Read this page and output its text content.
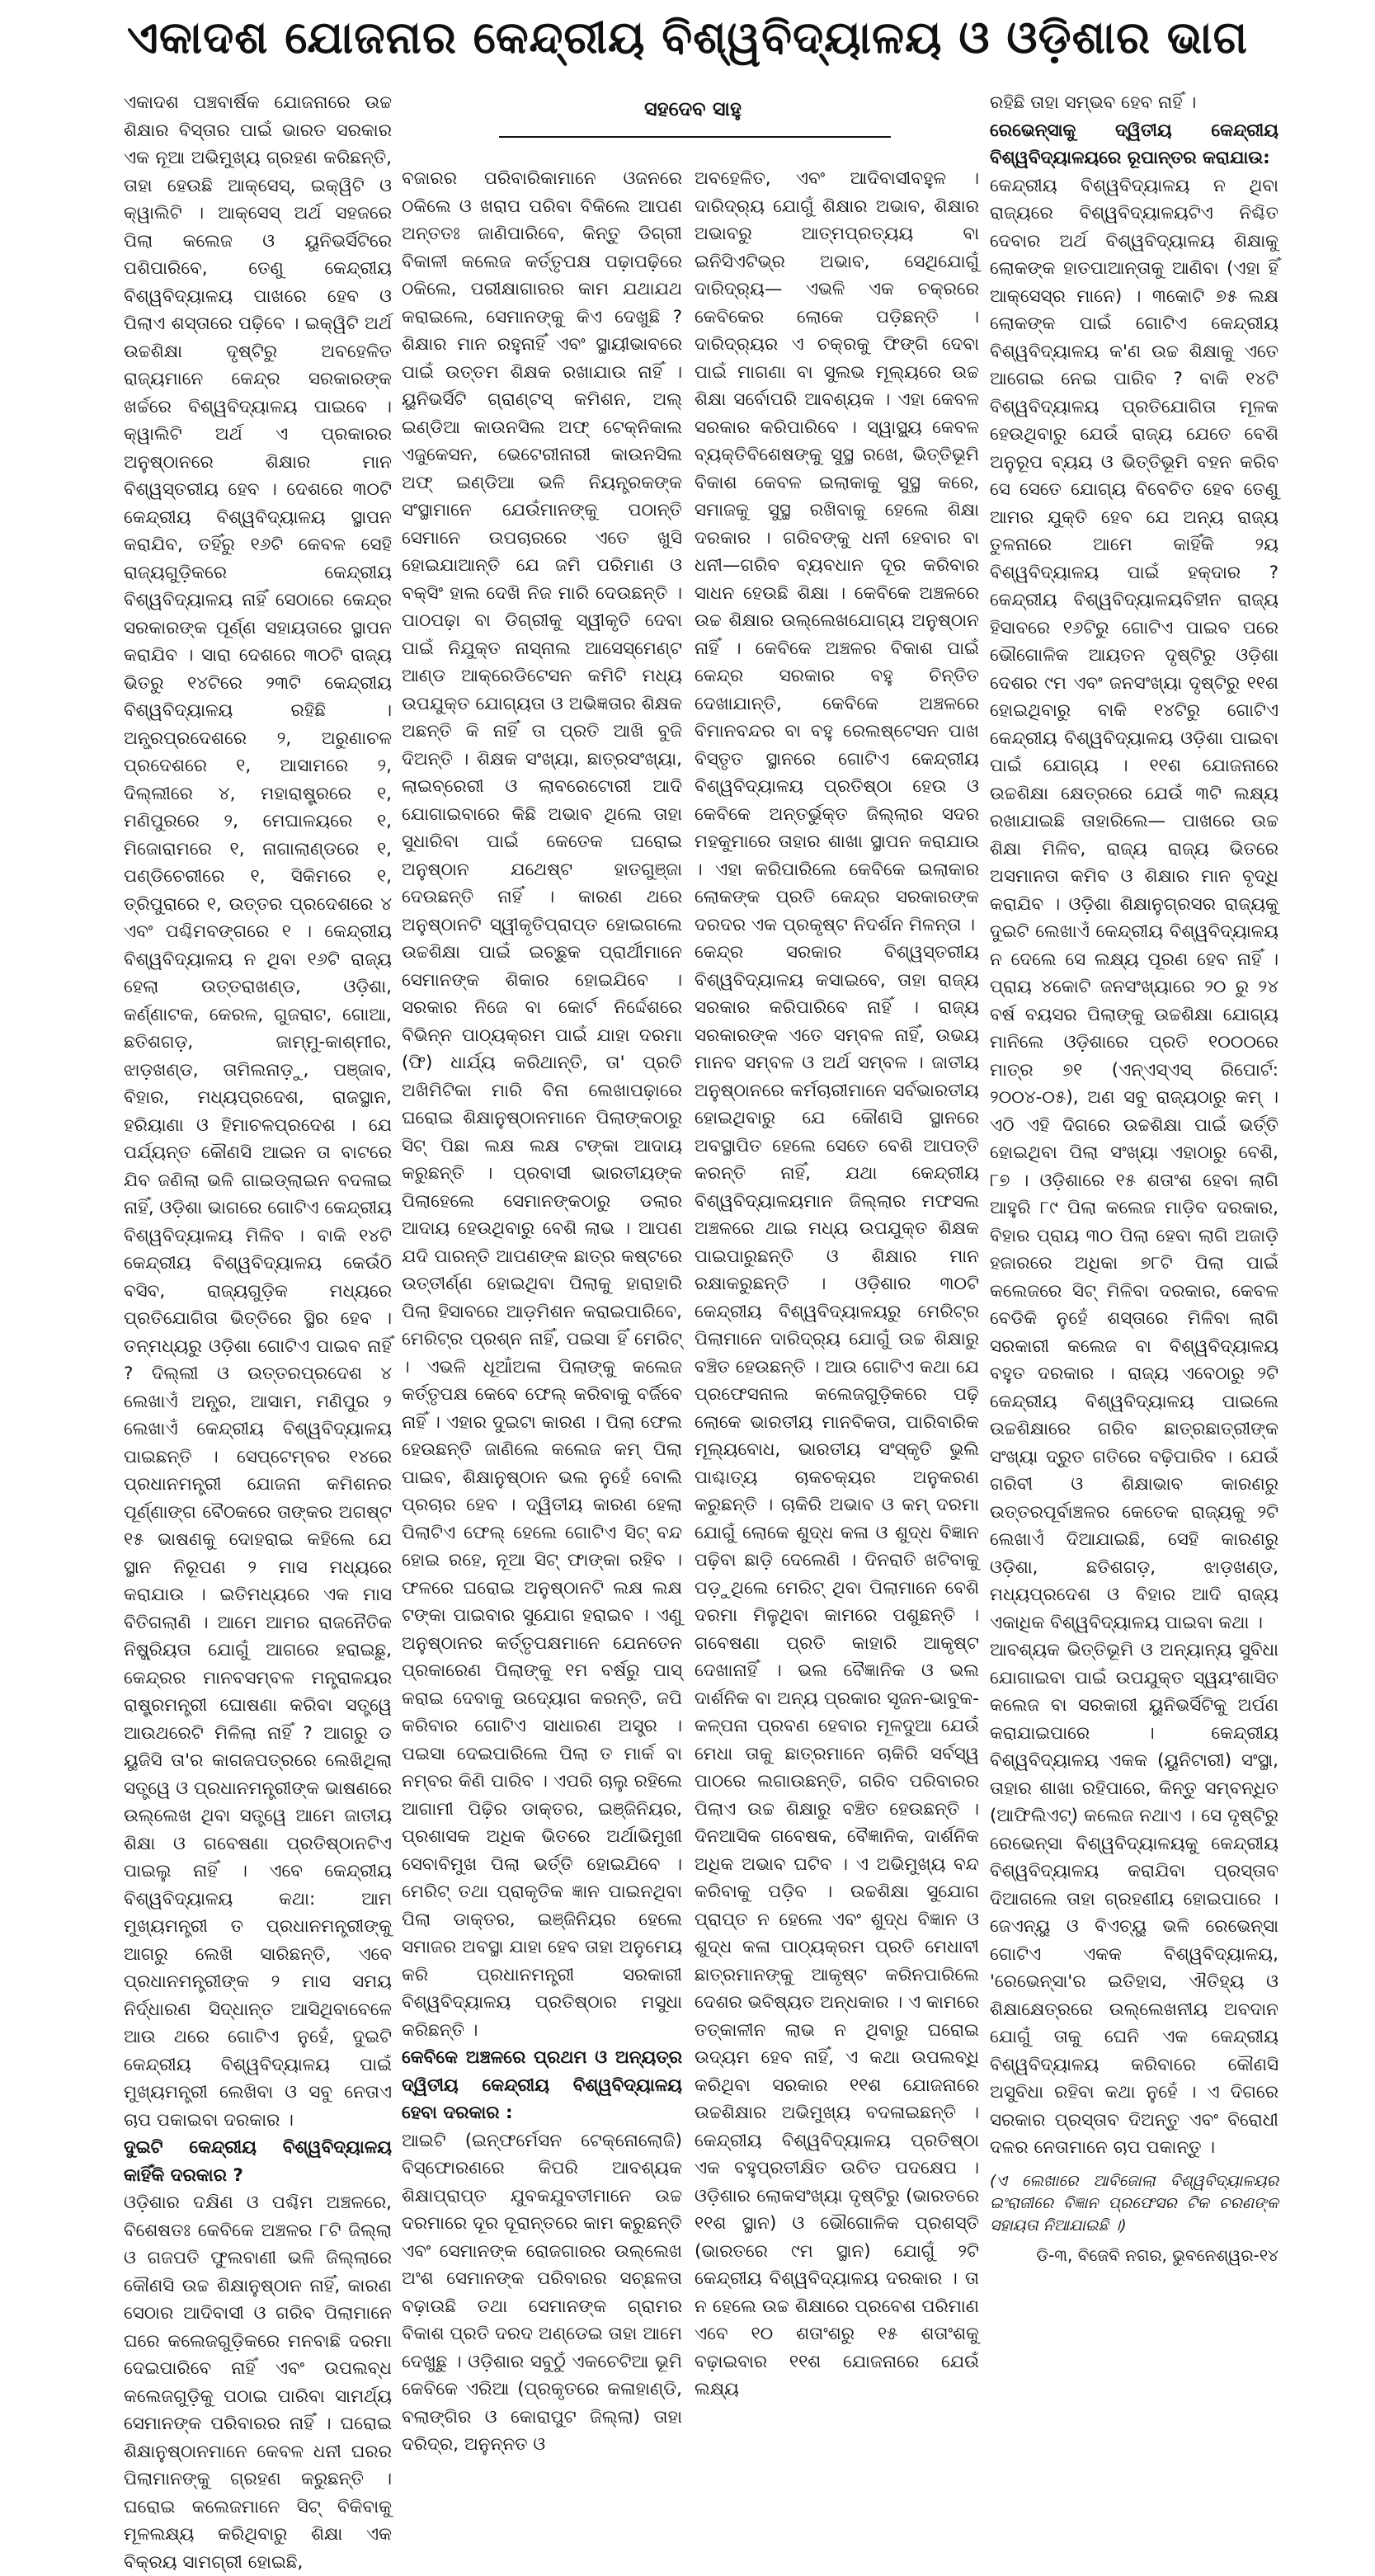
ଏକାଦଶ ଯୋଜନାର କେନ୍ଦ୍ରୀୟ ବିଶ୍ୱବିଦ୍ୟାଳୟ ଓ ଓଡ଼ିଶାର ଭାଗ

ଏକାଦଶ ପଞ୍ଚବାର୍ଷିକ ଯୋଜନାରେ ଉଚ୍ଚ ଶିକ୍ଷାର ବିସ୍ତାର ପାଇଁ ଭାରତ ସରକାର ଏକ ନୂଆ ଅଭିମୁଖ୍ୟ ଗ୍ରହଣ କରିଛନ୍ତି, ତାହା ହେଉଛି ଆକ୍ସେସ୍, ଇକ୍ୱିଟି ଓ କ୍ୱାଲିଟି । ଆକ୍ସେସ୍ ଅର୍ଥ ସହଜରେ ପିଲା କଲେଜ ଓ ୟୁନିଭର୍ସିଟିରେ ପଶିପାରିବେ, ତେଣୁ କେନ୍ଦ୍ରୀୟ ବିଶ୍ୱବିଦ୍ୟାଳୟ ପାଖରେ ହେବ ଓ ପିଲାଏ ଶସ୍ତାରେ ପଢ଼ିବେ । ଇକ୍ୱିଟି ଅର୍ଥ ଉଚ୍ଚଶିକ୍ଷା ଦୃଷ୍ଟିରୁ ଅବହେଳିତ ରାଜ୍ୟମାନେ କେନ୍ଦ୍ର ସରକାରଙ୍କ ଖର୍ଚ୍ଚରେ ବିଶ୍ୱବିଦ୍ୟାଳୟ ପାଇବେ । କ୍ୱାଲିଟି ଅର୍ଥ ଏ ପ୍ରକାରର ଅନୁଷ୍ଠାନରେ ଶିକ୍ଷାର ମାନ ବିଶ୍ୱସ୍ତରୀୟ ହେବ । ଦେଶରେ ୩୦ଟି କେନ୍ଦ୍ରୀୟ ବିଶ୍ୱବିଦ୍ୟାଳୟ ସ୍ଥାପନ କରାଯିବ, ତହିଁରୁ ୧୬ଟି କେବଳ ସେହି ରାଜ୍ୟଗୁଡ଼ିକରେ କେନ୍ଦ୍ରୀୟ ବିଶ୍ୱବିଦ୍ୟାଳୟ ନାହିଁ ସେଠାରେ କେନ୍ଦ୍ର ସରକାରଙ୍କ ପୂର୍ଣ୍ଣ ସହାୟତାରେ ସ୍ଥାପନ କରାଯିବ । ସାରା ଦେଶରେ ୩୦ଟି ରାଜ୍ୟ ଭିତରୁ ୧୪ଟିରେ ୨୩ଟି କେନ୍ଦ୍ରୀୟ ବିଶ୍ୱବିଦ୍ୟାଳୟ ରହିଛି । ଅନ୍ଧ୍ରପ୍ରଦେଶରେ ୨, ଅରୁଣାଚଳ ପ୍ରଦେଶରେ ୧, ଆସାମରେ ୨, ଦିଲ୍ଲୀରେ ୪, ମହାରାଷ୍ଟ୍ରରେ ୧, ମଣିପୁରରେ ୨, ମେଘାଳୟରେ ୧, ମିଜୋରାମରେ ୧, ନାଗାଲାଣ୍ଡରେ ୧, ପଣ୍ଡିଚେରୀରେ ୧, ସିକିମରେ ୧, ତ୍ରିପୁରାରେ ୧, ଉତ୍ତର ପ୍ରଦେଶରେ ୪ ଏବଂ ପଶ୍ଚିମବଙ୍ଗରେ ୧ । କେନ୍ଦ୍ରୀୟ ବିଶ୍ୱବିଦ୍ୟାଳୟ ନ ଥିବା ୧୬ଟି ରାଜ୍ୟ ହେଲା ଉତ୍ତରାଖଣ୍ଡ, ଓଡ଼ିଶା, କର୍ଣ୍ଣାଟକ, କେରଳ, ଗୁଜରାଟ, ଗୋଆ, ଛତିଶଗଡ଼, ଜାମ୍ମୁ-କାଶ୍ମୀର, ଝାଡ଼ଖଣ୍ଡ, ତାମିଲନାଡ଼ୁ, ପଞ୍ଜାବ, ବିହାର, ମଧ୍ୟପ୍ରଦେଶ, ରାଜସ୍ଥାନ, ହରିୟାଣା ଓ ହିମାଚଳପ୍ରଦେଶ । ଯେ ପର୍ଯ୍ୟନ୍ତ କୌଣସି ଆଇନ ତା ବାଟରେ ଯିବ ଜଣିଲା ଭଳି ଗାଇଡ୍‌ଲାଇନ ବଦଳାଇ ନାହିଁ, ଓଡ଼ିଶା ଭାଗରେ ଗୋଟିଏ କେନ୍ଦ୍ରୀୟ ବିଶ୍ୱବିଦ୍ୟାଳୟ ମିଳିବ । ବାକି ୧୪ଟି କେନ୍ଦ୍ରୀୟ ବିଶ୍ୱବିଦ୍ୟାଳୟ କେଉଁଠି ବସିବ, ରାଜ୍ୟଗୁଡ଼ିକ ମଧ୍ୟରେ ପ୍ରତିଯୋଗିତା ଭିତ୍ତିରେ ସ୍ଥିର ହେବ । ତନ୍ମଧ୍ୟରୁ ଓଡ଼ିଶା ଗୋଟିଏ ପାଇବ ନାହିଁ ? ଦିଲ୍ଲୀ ଓ ଉତ୍ତରପ୍ରଦେଶ ୪ ଲେଖାଏଁ ଅନ୍ଧ୍ର, ଆସାମ, ମଣିପୁର ୨ ଲେଖାଏଁ କେନ୍ଦ୍ରୀୟ ବିଶ୍ୱବିଦ୍ୟାଳୟ ପାଇଛନ୍ତି । ସେପ୍ଟେମ୍ବର ୧୪ରେ ପ୍ରଧାନମନ୍ତ୍ରୀ ଯୋଜନା କମିଶନର ପୂର୍ଣ୍ଣାଙ୍ଗ ବୈଠକରେ ତାଙ୍କର ଅଗଷ୍ଟ ୧୫ ଭାଷଣକୁ ଦୋହରାଇ କହିଲେ ଯେ ସ୍ଥାନ ନିରୂପଣ ୨ ମାସ ମଧ୍ୟରେ କରାଯାଉ । ଇତିମଧ୍ୟରେ ଏକ ମାସ ବିତିଗଲାଣି । ଆମେ ଆମର ରାଜନୈତିକ ନିଷ୍କ୍ରିୟତା ଯୋଗୁଁ ଆଗରେ ହରାଇଛୁ, କେନ୍ଦ୍ରର ମାନବସମ୍ବଳ ମନ୍ତ୍ରାଳୟର ରାଷ୍ଟ୍ରମନ୍ତ୍ରୀ ଘୋଷଣା କରିବା ସତ୍ତ୍ୱେ ଆଉଥରେଟି ମିଳିଲା ନାହିଁ ? ଆଗରୁ ଡ ୟୁଜିସି ତା'ର କାଗଜପତ୍ରରେ ଲେଖିଥିଲା ସତ୍ତ୍ୱେ ଓ ପ୍ରଧାନମନ୍ତ୍ରୀଙ୍କ ଭାଷଣରେ ଉଲ୍ଲେଖ ଥିବା ସତ୍ତ୍ୱେ ଆମେ ଜାତୀୟ ଶିକ୍ଷା ଓ ଗବେଷଣା ପ୍ରତିଷ୍ଠାନଟିଏ ପାଇଲୁ ନାହିଁ । ଏବେ କେନ୍ଦ୍ରୀୟ ବିଶ୍ୱବିଦ୍ୟାଳୟ କଥା: ଆମ ମୁଖ୍ୟମନ୍ତ୍ରୀ ତ ପ୍ରଧାନମନ୍ତ୍ରୀଙ୍କୁ ଆଗରୁ ଲେଖି ସାରିଛନ୍ତି, ଏବେ ପ୍ରଧାନମନ୍ତ୍ରୀଙ୍କ ୨ ମାସ ସମୟ ନିର୍ଦ୍ଧାରଣ ସିଦ୍ଧାନ୍ତ ଆସିଥିବାବେଳେ ଆଉ ଥରେ ଗୋଟିଏ ନୁହେଁ, ଦୁଇଟି କେନ୍ଦ୍ରୀୟ ବିଶ୍ୱବିଦ୍ୟାଳୟ ପାଇଁ ମୁଖ୍ୟମନ୍ତ୍ରୀ ଲେଖିବା ଓ ସବୁ ନେତାଏ ଚାପ ପକାଇବା ଦରକାର ।

ଦୁଇଟି କେନ୍ଦ୍ରୀୟ ବିଶ୍ୱବିଦ୍ୟାଳୟ କାହିଁକି ଦରକାର ?

ଓଡ଼ିଶାର ଦକ୍ଷିଣ ଓ ପଶ୍ଚିମ ଅଞ୍ଚଳରେ, ବିଶେଷତଃ କେବିକେ ଅଞ୍ଚଳର ୮ଟି ଜିଲ୍ଲା ଓ ଗଜପତି ଫୁଲବାଣୀ ଭଳି ଜିଲ୍ଲାରେ କୌଣସି ଉଚ୍ଚ ଶିକ୍ଷାନୁଷ୍ଠାନ ନାହିଁ, କାରଣ ସେଠାର ଆଦିବାସୀ ଓ ଗରିବ ପିଲାମାନେ ଘରେ କଲେଜଗୁଡ଼ିକରେ ମନବାଛି ଦରମା ଦେଇପାରିବେ ନାହିଁ ଏବଂ ଉପଲବ୍ଧ କଲେଜଗୁଡ଼ିକୁ ପଠାଇ ପାରିବା ସାମର୍ଥ୍ୟ ସେମାନଙ୍କ ପରିବାରର ନାହିଁ । ଘରୋଇ ଶିକ୍ଷାନୁଷ୍ଠାନମାନେ କେବଳ ଧନୀ ଘରର ପିଲାମାନଙ୍କୁ ଗ୍ରହଣ କରୁଛନ୍ତି । ଘରୋଇ କଲେଜମାନେ ସିଟ୍ ବିକିବାକୁ ମୂଳଲକ୍ଷ୍ୟ କରିଥିବାରୁ ଶିକ୍ଷା ଏକ ବିକ୍ରୟ ସାମଗ୍ରୀ ହୋଇଛି,

ସହଦେବ ସାହୁ

ବଜାରର ପରିବାରିକାମାନେ ଓଜନରେ ଠକିଲେ ଓ ଖରାପ ପରିବା ବିକିଲେ ଆପଣ ଅନ୍ତତଃ ଜାଣିପାରିବେ, କିନ୍ତୁ ଡିଗ୍ରୀ ବିକାଳୀ କଲେଜ କର୍ତ୍ତୃପକ୍ଷ ପଢ଼ାପଢ଼ିରେ ଠକିଲେ, ପରୀକ୍ଷାଗାରର କାମ ଯଥାଯଥ କରାଇଲେ, ସେମାନଙ୍କୁ କିଏ ଦେଖୁଛି ? ଶିକ୍ଷାର ମାନ ରହୁନାହିଁ ଏବଂ ସ୍ଥାୟୀଭାବରେ ପାଇଁ ଉତ୍ତମ ଶିକ୍ଷକ ରଖାଯାଉ ନାହିଁ । ୟୁନିଭର୍ସିଟି ଗ୍ରାଣ୍ଟସ୍ କମିଶନ, ଅଲ୍ ଇଣ୍ଡିଆ କାଉନସିଲ ଅଫ୍ ଟେକ୍ନିକାଲ ଏଜୁକେସନ, ଭେଟେରୀନାରୀ କାଉନସିଲ ଅଫ୍ ଇଣ୍ଡିଆ ଭଳି ନିୟନ୍ତ୍ରକଙ୍କ ସଂସ୍ଥାମାନେ ଯେଉଁମାନଙ୍କୁ ପଠାନ୍ତି ସେମାନେ ଉପଚାରରେ ଏତେ ଖୁସି ହୋଇଯାଆନ୍ତି ଯେ ଜମି ପରିମାଣ ଓ ବକ୍ସିଂ ହାଲ ଦେଖି ନିଜ ମାରି ଦେଉଛନ୍ତି । ପାଠପଢ଼ା ବା ଡିଗ୍ରୀକୁ ସ୍ୱୀକୃତି ଦେବା ପାଇଁ ନିଯୁକ୍ତ ନାସ୍‌ନାଲ ଆସେସ୍‌ମେଣ୍ଟ ଆଣ୍ଡ ଆକ୍ରେଡିଟେସନ କମିଟି ମଧ୍ୟ ଉପଯୁକ୍ତ ଯୋଗ୍ୟତା ଓ ଅଭିଜ୍ଞତାର ଶିକ୍ଷକ ଅଛନ୍ତି କି ନାହିଁ ତା ପ୍ରତି ଆଖି ବୁଜି ଦିଅନ୍ତି । ଶିକ୍ଷକ ସଂଖ୍ୟା, ଛାତ୍ରସଂଖ୍ୟା, ଲାଇବ୍ରେରୀ ଓ ଲାବରେଟୋରୀ ଆଦି ଯୋଗାଇବାରେ କିଛି ଅଭାବ ଥିଲେ ତାହା ସୁଧାରିବା ପାଇଁ କେତେକ ଘରୋଇ ଅନୁଷ୍ଠାନ ଯଥେଷ୍ଟ ହାତଗୁଞ୍ଜା ଦେଉଛନ୍ତି ନାହିଁ । କାରଣ ଥରେ ଅନୁଷ୍ଠାନଟି ସ୍ୱୀକୃତିପ୍ରାପ୍ତ ହୋଇଗଲେ ଉଚ୍ଚଶିକ୍ଷା ପାଇଁ ଇଚ୍ଛୁକ ପ୍ରାର୍ଥୀମାନେ ସେମାନଙ୍କ ଶିକାର ହୋଇଯିବେ । ସରକାର ନିଜେ ବା କୋର୍ଟ ନିର୍ଦ୍ଦେଶରେ ବିଭିନ୍ନ ପାଠ୍ୟକ୍ରମ ପାଇଁ ଯାହା ଦରମା (ଫି) ଧାର୍ଯ୍ୟ କରିଥାନ୍ତି, ତା' ପ୍ରତି ଅଖିମିଟିକା ମାରି ବିନା ଲେଖାପଢ଼ାରେ ଘରୋଇ ଶିକ୍ଷାନୁଷ୍ଠାନମାନେ ପିଲାଙ୍କଠାରୁ ସିଟ୍ ପିଛା ଲକ୍ଷ ଲକ୍ଷ ଟଙ୍କା ଆଦାୟ କରୁଛନ୍ତି । ପ୍ରବାସୀ ଭାରତୀୟଙ୍କ ପିଲାହେଲେ ସେମାନଙ୍କଠାରୁ ଡଲାର ଆଦାୟ ହେଉଥିବାରୁ ବେଶି ଲାଭ । ଆପଣ ଯଦି ପାରନ୍ତି ଆପଣଙ୍କ ଛାତ୍ର କଷ୍ଟରେ ଉତ୍ତୀର୍ଣ୍ଣ ହୋଇଥିବା ପିଲାକୁ ହାରାହାରି ପିଲା ହିସାବରେ ଆଡ଼ମିଶନ କରାଇପାରିବେ, ମେରିଟ୍‌ର ପ୍ରଶ୍ନ ନାହିଁ, ପଇସା ହିଁ ମେରିଟ୍ । ଏଭଳି ଧୂଆଁଅଳା ପିଲାଙ୍କୁ କଲେଜ କର୍ତ୍ତୃପକ୍ଷ କେବେ ଫେଲ୍ କରିବାକୁ ବର୍ଜିବେ ନାହିଁ । ଏହାର ଦୁଇଟା କାରଣ । ପିଲା ଫେଲ ହେଉଛନ୍ତି ଜାଣିଲେ କଲେଜ କମ୍ ପିଲା ପାଇବ, ଶିକ୍ଷାନୁଷ୍ଠାନ ଭଲ ନୁହେଁ ବୋଲି ପ୍ରଚାର ହେବ । ଦ୍ୱିତୀୟ କାରଣ ହେଲା ପିଲାଟିଏ ଫେଲ୍ ହେଲେ ଗୋଟିଏ ସିଟ୍ ବନ୍ଦ ହୋଇ ରହେ, ନୂଆ ସିଟ୍ ଫାଙ୍କା ରହିବ । ଫଳରେ ଘରୋଇ ଅନୁଷ୍ଠାନଟି ଲକ୍ଷ ଲକ୍ଷ ଟଙ୍କା ପାଇବାର ସୁଯୋଗ ହରାଇବ । ଏଣୁ ଅନୁଷ୍ଠାନର କର୍ତ୍ତୃପକ୍ଷମାନେ ଯେନତେନ ପ୍ରକାରେଣ ପିଲାଙ୍କୁ ୧ମ ବର୍ଷରୁ ପାସ୍ କରାଇ ଦେବାକୁ ଉଦ୍ୟୋଗ କରନ୍ତି, ଜପି କରିବାର ଗୋଟିଏ ସାଧାରଣ ଅସ୍ତ୍ର । ପଇସା ଦେଇପାରିଲେ ପିଲା ତ ମାର୍କ ବା ନମ୍ବର କିଣି ପାରିବ । ଏପରି ଚାଲୁ ରହିଲେ ଆଗାମୀ ପିଢ଼ିର ଡାକ୍ତର, ଇଞ୍ଜିନିୟର, ପ୍ରଶାସକ ଅଧିକ ଭିତରେ ଅର୍ଥାଭିମୁଖୀ ସେବାବିମୁଖ ପିଲା ଭର୍ତ୍ତି ହୋଇଯିବେ । ମେରିଟ୍ ତଥା ପ୍ରାକୃତିକ ଜ୍ଞାନ ପାଇନଥିବା ପିଲା ଡାକ୍ତର, ଇଞ୍ଜିନିୟର ହେଲେ ସମାଜର ଅବସ୍ଥା ଯାହା ହେବ ତାହା ଅନୁମେୟ କରି ପ୍ରଧାନମନ୍ତ୍ରୀ ସରକାରୀ ବିଶ୍ୱବିଦ୍ୟାଳୟ ପ୍ରତିଷ୍ଠାର ମସୁଧା କରିଛନ୍ତି ।

କେବିକେ ଅଞ୍ଚଳରେ ପ୍ରଥମ ଓ ଅନ୍ୟତ୍ର ଦ୍ୱିତୀୟ କେନ୍ଦ୍ରୀୟ ବିଶ୍ୱବିଦ୍ୟାଳୟ ହେବା ଦରକାର :

ଆଇଟି (ଇନ୍‌ଫର୍ମେସନ ଟେକ୍ନୋଲୋଜି) ବିସ୍ଫୋରଣରେ କିପରି ଆବଶ୍ୟକ ଶିକ୍ଷାପ୍ରାପ୍ତ ଯୁବକଯୁବତୀମାନେ ଉଚ୍ଚ ଦରମାରେ ଦୂର ଦୂରାନ୍ତରେ କାମ କରୁଛନ୍ତି ଏବଂ ସେମାନଙ୍କ ରୋଜଗାରର ଉଲ୍ଲେଖ ଅଂଶ ସେମାନଙ୍କ ପରିବାରର ସଚ୍ଛଳତା ବଢ଼ାଉଛି ତଥା ସେମାନଙ୍କ ଗ୍ରାମର ବିକାଶ ପ୍ରତି ଦରଦ ଅଣ୍ଡେଇ ତାହା ଆମେ ଦେଖୁଛୁ । ଓଡ଼ିଶାର ସବୁଠୁଁ ଏକଚେଟିଆ ଭୂମି କେବିକେ ଏରିଆ (ପ୍ରକୃତରେ କଳାହାଣ୍ଡି, ବଲାଙ୍ଗିର ଓ କୋରାପୁଟ ଜିଲ୍ଲା) ତାହା ଦରିଦ୍ର, ଅନୁନ୍ନତ ଓ

ଅବହେଳିତ, ଏବଂ ଆଦିବାସୀବହୁଳ । ଦାରିଦ୍ର୍ୟ ଯୋଗୁଁ ଶିକ୍ଷାର ଅଭାବ, ଶିକ୍ଷାର ଅଭାବରୁ ଆତ୍ମପ୍ରତ୍ୟୟ ବା ଇନିସିଏଟିଭ୍‌ର ଅଭାବ, ସେଥିଯୋଗୁଁ ଦାରିଦ୍ର୍ୟ— ଏଭଳି ଏକ ଚକ୍ରରେ କେବିକେର ଲୋକେ ପଡ଼ିଛନ୍ତି । ଦାରିଦ୍ର୍ୟର ଏ ଚକ୍ରକୁ ଫିଙ୍ଗି ଦେବା ପାଇଁ ମାଗଣା ବା ସୁଲଭ ମୂଲ୍ୟରେ ଉଚ୍ଚ ଶିକ୍ଷା ସର୍ବୋପରି ଆବଶ୍ୟକ । ଏହା କେବଳ ସରକାର କରିପାରିବେ । ସ୍ୱାସ୍ଥ୍ୟ କେବଳ ବ୍ୟକ୍ତିବିଶେଷଙ୍କୁ ସୁସ୍ଥ ରଖେ, ଭିତ୍ତିଭୂମି ବିକାଶ କେବଳ ଇଲାକାକୁ ସୁସ୍ଥ କରେ, ସମାଜକୁ ସୁସ୍ଥ ରଖିବାକୁ ହେଲେ ଶିକ୍ଷା ଦରକାର । ଗରିବଙ୍କୁ ଧନୀ ହେବାର ବା ଧନୀ—ଗରିବ ବ୍ୟବଧାନ ଦୂର କରିବାର ସାଧନ ହେଉଛି ଶିକ୍ଷା । କେବିକେ ଅଞ୍ଚଳରେ ଉଚ୍ଚ ଶିକ୍ଷାର ଉଲ୍ଲେଖଯୋଗ୍ୟ ଅନୁଷ୍ଠାନ ନାହିଁ । କେବିକେ ଅଞ୍ଚଳର ବିକାଶ ପାଇଁ କେନ୍ଦ୍ର ସରକାର ବହୁ ଚିନ୍ତିତ ଦେଖାଯାନ୍ତି, କେବିକେ ଅଞ୍ଚଳରେ ବିମାନବନ୍ଦର ବା ବହୁ ରେଲଷ୍ଟେସନ ପାଖ ବିସ୍ତୃତ ସ୍ଥାନରେ ଗୋଟିଏ କେନ୍ଦ୍ରୀୟ ବିଶ୍ୱବିଦ୍ୟାଳୟ ପ୍ରତିଷ୍ଠା ହେଉ ଓ କେବିକେ ଅନ୍ତର୍ଭୁକ୍ତ ଜିଲ୍ଲାର ସଦର ମହକୁମାରେ ତାହାର ଶାଖା ସ୍ଥାପନ କରାଯାଉ । ଏହା କରିପାରିଲେ କେବିକେ ଇଲାକାର ଲୋକଙ୍କ ପ୍ରତି କେନ୍ଦ୍ର ସରକାରଙ୍କ ଦରଦର ଏକ ପ୍ରକୃଷ୍ଟ ନିଦର୍ଶନ ମିଳନ୍ତା ।

କେନ୍ଦ୍ର ସରକାର ବିଶ୍ୱସ୍ତରୀୟ ବିଶ୍ୱବିଦ୍ୟାଳୟ କସାଇବେ, ତାହା ରାଜ୍ୟ ସରକାର କରିପାରିବେ ନାହିଁ । ରାଜ୍ୟ ସରକାରଙ୍କ ଏତେ ସମ୍ବଳ ନାହିଁ, ଉଭୟ ମାନବ ସମ୍ବଳ ଓ ଅର୍ଥ ସମ୍ବଳ । ଜାତୀୟ ଅନୁଷ୍ଠାନରେ କର୍ମଚାରୀମାନେ ସର୍ବଭାରତୀୟ ହୋଇଥିବାରୁ ଯେ କୌଣସି ସ୍ଥାନରେ ଅବସ୍ଥାପିତ ହେଲେ ସେତେ ବେଶି ଆପତ୍ତି କରନ୍ତି ନାହିଁ, ଯଥା କେନ୍ଦ୍ରୀୟ ବିଶ୍ୱବିଦ୍ୟାଳୟମାନ ଜିଲ୍ଲାର ମଫସଲ ଅଞ୍ଚଳରେ ଥାଇ ମଧ୍ୟ ଉପଯୁକ୍ତ ଶିକ୍ଷକ ପାଇପାରୁଛନ୍ତି ଓ ଶିକ୍ଷାର ମାନ ରକ୍ଷାକରୁଛନ୍ତି । ଓଡ଼ିଶାର ୩୦ଟି କେନ୍ଦ୍ରୀୟ ବିଶ୍ୱବିଦ୍ୟାଳୟରୁ ମେରିଟ୍‌ର ପିଲାମାନେ ଦାରିଦ୍ର୍ୟ ଯୋଗୁଁ ଉଚ୍ଚ ଶିକ୍ଷାରୁ ବଞ୍ଚିତ ହେଉଛନ୍ତି । ଆଉ ଗୋଟିଏ କଥା ଯେ ପ୍ରଫେସନାଲ କଲେଜଗୁଡ଼ିକରେ ପଢ଼ି ଲୋକେ ଭାରତୀୟ ମାନବିକତା, ପାରିବାରିକ ମୂଲ୍ୟବୋଧ, ଭାରତୀୟ ସଂସ୍କୃତି ଭୁଲି ପାଶ୍ଚାତ୍ୟ ଚାକଚକ୍ୟର ଅନୁକରଣ କରୁଛନ୍ତି । ଚାକିରି ଅଭାବ ଓ କମ୍ ଦରମା ଯୋଗୁଁ ଲୋକେ ଶୁଦ୍ଧ କଳା ଓ ଶୁଦ୍ଧ ବିଜ୍ଞାନ ପଢ଼ିବା ଛାଡ଼ି ଦେଲେଣି । ଦିନରାତି ଖଟିବାକୁ ପଡ଼ୁଥିଲେ ମେରିଟ୍ ଥିବା ପିଲାମାନେ ବେଶି ଦରମା ମିଳୁଥିବା କାମରେ ପଶୁଛନ୍ତି । ଗବେଷଣା ପ୍ରତି କାହାରି ଆକୃଷ୍ଟ ଦେଖାନାହିଁ । ଭଲ ବୈଜ୍ଞାନିକ ଓ ଭଲ ଦାର୍ଶନିକ ବା ଅନ୍ୟ ପ୍ରକାର ସୃଜନ-ଭାବୁକ-କଳ୍ପନା ପ୍ରବଣ ହେବାର ମୂଳଦୁଆ ଯେଉଁ ମେଧା ତାକୁ ଛାତ୍ରମାନେ ଚାକିରି ସର୍ବସ୍ୱ ପାଠରେ ଲଗାଉଛନ୍ତି, ଗରିବ ପରିବାରର ପିଲାଏ ଉଚ୍ଚ ଶିକ୍ଷାରୁ ବଞ୍ଚିତ ହେଉଛନ୍ତି । ଦିନଆସିକ ଗବେଷକ, ବୈଜ୍ଞାନିକ, ଦାର୍ଶନିକ ଅଧିକ ଅଭାବ ଘଟିବ । ଏ ଅଭିମୁଖ୍ୟ ବନ୍ଦ କରିବାକୁ ପଡ଼ିବ । ଉଚ୍ଚଶିକ୍ଷା ସୁଯୋଗ ପ୍ରାପ୍ତ ନ ହେଲେ ଏବଂ ଶୁଦ୍ଧ ବିଜ୍ଞାନ ଓ ଶୁଦ୍ଧ କଳା ପାଠ୍ୟକ୍ରମ ପ୍ରତି ମେଧାବୀ ଛାତ୍ରମାନଙ୍କୁ ଆକୃଷ୍ଟ କରିନପାରିଲେ ଦେଶର ଭବିଷ୍ୟତ ଅନ୍ଧକାର । ଏ କାମରେ ତତ୍କାଳୀନ ଲାଭ ନ ଥିବାରୁ ଘରୋଇ ଉଦ୍ୟମ ହେବ ନାହିଁ, ଏ କଥା ଉପଲବ୍ଧି କରିଥିବା ସରକାର ୧୧ଶ ଯୋଜନାରେ ଉଚ୍ଚଶିକ୍ଷାର ଅଭିମୁଖ୍ୟ ବଦଳାଇଛନ୍ତି । କେନ୍ଦ୍ରୀୟ ବିଶ୍ୱବିଦ୍ୟାଳୟ ପ୍ରତିଷ୍ଠା ଏକ ବହୁପ୍ରତୀକ୍ଷିତ ଉଚିତ ପଦକ୍ଷେପ । ଓଡ଼ିଶାର ଲୋକସଂଖ୍ୟା ଦୃଷ୍ଟିରୁ (ଭାରତରେ ୧୧ଶ ସ୍ଥାନ) ଓ ଭୌଗୋଳିକ ପ୍ରଶସ୍ତି (ଭାରତରେ ୯ମ ସ୍ଥାନ) ଯୋଗୁଁ ୨ଟି କେନ୍ଦ୍ରୀୟ ବିଶ୍ୱବିଦ୍ୟାଳୟ ଦରକାର । ତା ନ ହେଲେ ଉଚ୍ଚ ଶିକ୍ଷାରେ ପ୍ରବେଶ ପରିମାଣ ଏବେ ୧୦ ଶତାଂଶରୁ ୧୫ ଶତାଂଶକୁ ବଢ଼ାଇବାର ୧୧ଶ ଯୋଜନାରେ ଯେଉଁ ଲକ୍ଷ୍ୟ

ରହିଛି ତାହା ସମ୍ଭବ ହେବ ନାହିଁ ।

ରେଭେନ୍ସାକୁ ଦ୍ୱିତୀୟ କେନ୍ଦ୍ରୀୟ ବିଶ୍ୱବିଦ୍ୟାଳୟରେ ରୂପାନ୍ତର କରାଯାଉ:

କେନ୍ଦ୍ରୀୟ ବିଶ୍ୱବିଦ୍ୟାଳୟ ନ ଥିବା ରାଜ୍ୟରେ ବିଶ୍ୱବିଦ୍ୟାଳୟଟିଏ ନିଶ୍ଚିତ ଦେବାର ଅର୍ଥ ବିଶ୍ୱବିଦ୍ୟାଳୟ ଶିକ୍ଷାକୁ ଲୋକଙ୍କ ହାତପାଆନ୍ତାକୁ ଆଣିବା (ଏହା ହିଁ ଆକ୍ସେସ୍‌ର ମାନେ) । ୩କୋଟି ୭୫ ଲକ୍ଷ ଲୋକଙ୍କ ପାଇଁ ଗୋଟିଏ କେନ୍ଦ୍ରୀୟ ବିଶ୍ୱବିଦ୍ୟାଳୟ କ'ଣ ଉଚ୍ଚ ଶିକ୍ଷାକୁ ଏତେ ଆଗେଇ ନେଇ ପାରିବ ? ବାକି ୧୪ଟି ବିଶ୍ୱବିଦ୍ୟାଳୟ ପ୍ରତିଯୋଗିତା ମୂଳକ ହେଉଥିବାରୁ ଯେଉଁ ରାଜ୍ୟ ଯେତେ ବେଶି ଅନୁରୂପ ବ୍ୟୟ ଓ ଭିତ୍ତିଭୂମି ବହନ କରିବ ସେ ସେତେ ଯୋଗ୍ୟ ବିବେଚିତ ହେବ ତେଣୁ ଆମର ଯୁକ୍ତି ହେବ ଯେ ଅନ୍ୟ ରାଜ୍ୟ ତୁଳନାରେ ଆମେ କାହିଁକି ୨ୟ ବିଶ୍ୱବିଦ୍ୟାଳୟ ପାଇଁ ହକ୍‌ଦାର ? କେନ୍ଦ୍ରୀୟ ବିଶ୍ୱବିଦ୍ୟାଳୟବିହୀନ ରାଜ୍ୟ ହିସାବରେ ୧୬ଟିରୁ ଗୋଟିଏ ପାଇବ ପରେ ଭୌଗୋଳିକ ଆୟତନ ଦୃଷ୍ଟିରୁ ଓଡ଼ିଶା ଦେଶର ୯ମ ଏବଂ ଜନସଂଖ୍ୟା ଦୃଷ୍ଟିରୁ ୧୧ଶ ହୋଇଥିବାରୁ ବାକି ୧୪ଟିରୁ ଗୋଟିଏ କେନ୍ଦ୍ରୀୟ ବିଶ୍ୱବିଦ୍ୟାଳୟ ଓଡ଼ିଶା ପାଇବା ପାଇଁ ଯୋଗ୍ୟ । ୧୧ଶ ଯୋଜନାରେ ଉଚ୍ଚଶିକ୍ଷା କ୍ଷେତ୍ରରେ ଯେଉଁ ୩ଟି ଲକ୍ଷ୍ୟ ରଖାଯାଇଛି ତାହାରିଲେ— ପାଖରେ ଉଚ୍ଚ ଶିକ୍ଷା ମିଳିବ, ରାଜ୍ୟ ରାଜ୍ୟ ଭିତରେ ଅସମାନତା କମିବ ଓ ଶିକ୍ଷାର ମାନ ବୃଦ୍ଧି କରାଯିବ । ଓଡ଼ିଶା ଶିକ୍ଷାନୁଗ୍ରସର ରାଜ୍ୟକୁ ଦୁଇଟି ଲେଖାଏଁ କେନ୍ଦ୍ରୀୟ ବିଶ୍ୱବିଦ୍ୟାଳୟ ନ ଦେଲେ ସେ ଲକ୍ଷ୍ୟ ପୂରଣ ହେବ ନାହିଁ । ପ୍ରାୟ ୪କୋଟି ଜନସଂଖ୍ୟାରେ ୨୦ ରୁ ୨୪ ବର୍ଷ ବୟସର ପିଲାଙ୍କୁ ଉଚ୍ଚଶିକ୍ଷା ଯୋଗ୍ୟ ମାନିଲେ ଓଡ଼ିଶାରେ ପ୍ରତି ୧୦୦୦ରେ ମାତ୍ର ୭୧ (ଏନ୍‌ଏସ୍‌ଏସ୍ ରିପୋର୍ଟ: ୨୦୦୪-୦୫), ଅଣ ସବୁ ରାଜ୍ୟଠାରୁ କମ୍ । ଏଠି ଏହି ଦିଗରେ ଉଚ୍ଚଶିକ୍ଷା ପାଇଁ ଭର୍ତ୍ତି ହୋଇଥିବା ପିଲା ସଂଖ୍ୟା ଏହାଠାରୁ ବେଶି, ୮୭ । ଓଡ଼ିଶାରେ ୧୫ ଶତାଂଶ ହେବା ଲାଗି ଆହୁରି ୮୯ ପିଲା କଲେଜ ମାଡ଼ିବ ଦରକାର, ବିହାର ପ୍ରାୟ ୩୦ ପିଲା ହେବା ଲାଗି ଅଜାଡ଼ି ହଜାରରେ ଅଧିକା ୭୮ଟି ପିଲା ପାଇଁ କଲେଜରେ ସିଟ୍ ମିଳିବା ଦରକାର, କେବଳ ବେଡିକି ନୁହେଁ ଶସ୍ତାରେ ମିଳିବା ଲାଗି ସରକାରୀ କଲେଜ ବା ବିଶ୍ୱବିଦ୍ୟାଳୟ ବହୁତ ଦରକାର । ରାଜ୍ୟ ଏବେଠାରୁ ୨ଟି କେନ୍ଦ୍ରୀୟ ବିଶ୍ୱବିଦ୍ୟାଳୟ ପାଇଲେ ଉଚ୍ଚଶିକ୍ଷାରେ ଗରିବ ଛାତ୍ରଛାତ୍ରୀଙ୍କ ସଂଖ୍ୟା ଦ୍ରୁତ ଗତିରେ ବଢ଼ିପାରିବ । ଯେଉଁ ଗରିବୀ ଓ ଶିକ୍ଷାଭାବ କାରଣରୁ ଉତ୍ତରପୂର୍ବାଞ୍ଚଳର କେତେକ ରାଜ୍ୟକୁ ୨ଟି ଲେଖାଏଁ ଦିଆଯାଇଛି, ସେହି କାରଣରୁ ଓଡ଼ିଶା, ଛତିଶଗଡ଼, ଝାଡ଼ଖଣ୍ଡ, ମଧ୍ୟପ୍ରଦେଶ ଓ ବିହାର ଆଦି ରାଜ୍ୟ ଏକାଧିକ ବିଶ୍ୱବିଦ୍ୟାଳୟ ପାଇବା କଥା ।

ଆବଶ୍ୟକ ଭିତ୍ତିଭୂମି ଓ ଅନ୍ୟାନ୍ୟ ସୁବିଧା ଯୋଗାଇବା ପାଇଁ ଉପଯୁକ୍ତ ସ୍ୱୟଂଶାସିତ କଲେଜ ବା ସରକାରୀ ୟୁନିଭର୍ସିଟିକୁ ଅର୍ପଣ କରାଯାଇପାରେ । କେନ୍ଦ୍ରୀୟ ବିଶ୍ୱବିଦ୍ୟାଳୟ ଏକକ (ୟୁନିଟାରୀ) ସଂସ୍ଥା, ତାହାର ଶାଖା ରହିପାରେ, କିନ୍ତୁ ସମ୍ବନ୍ଧିତ (ଆଫିଲିଏଟ୍) କଲେଜ ନଥାଏ । ସେ ଦୃଷ୍ଟିରୁ ରେଭେନ୍ସା ବିଶ୍ୱବିଦ୍ୟାଳୟକୁ କେନ୍ଦ୍ରୀୟ ବିଶ୍ୱବିଦ୍ୟାଳୟ କରାଯିବା ପ୍ରସ୍ତାବ ଦିଆଗଲେ ତାହା ଗ୍ରହଣୀୟ ହୋଇପାରେ । ଜେଏନ୍‌ୟୁ ଓ ବିଏଚ୍‌ୟୁ ଭଳି ରେଭେନ୍ସା ଗୋଟିଏ ଏକକ ବିଶ୍ୱବିଦ୍ୟାଳୟ, 'ରେଭେନ୍ସା'ର ଇତିହାସ, ଐତିହ୍ୟ ଓ ଶିକ୍ଷାକ୍ଷେତ୍ରରେ ଉଲ୍ଲେଖନୀୟ ଅବଦାନ ଯୋଗୁଁ ତାକୁ ଘେନି ଏକ କେନ୍ଦ୍ରୀୟ ବିଶ୍ୱବିଦ୍ୟାଳୟ କରିବାରେ କୌଣସି ଅସୁବିଧା ରହିବା କଥା ନୁହେଁ । ଏ ଦିଗରେ ସରକାର ପ୍ରସ୍ତାବ ଦିଅନ୍ତୁ ଏବଂ ବିରୋଧୀ ଦଳର ନେତାମାନେ ଚାପ ପକାନ୍ତୁ ।

(ଏ ଲେଖାରେ ଆବିଜୋଲା ବିଶ୍ୱବିଦ୍ୟାଳୟର ଇଂରାଜୀରେ ବିଜ୍ଞାନ ପ୍ରଫେସର ଟିକ ଚରଣଙ୍କ ସହାୟତା ନିଆଯାଇଛି ।)

ଡି-୩, ବିଜେବି ନଗର, ଭୁବନେଶ୍ୱର-୧୪
